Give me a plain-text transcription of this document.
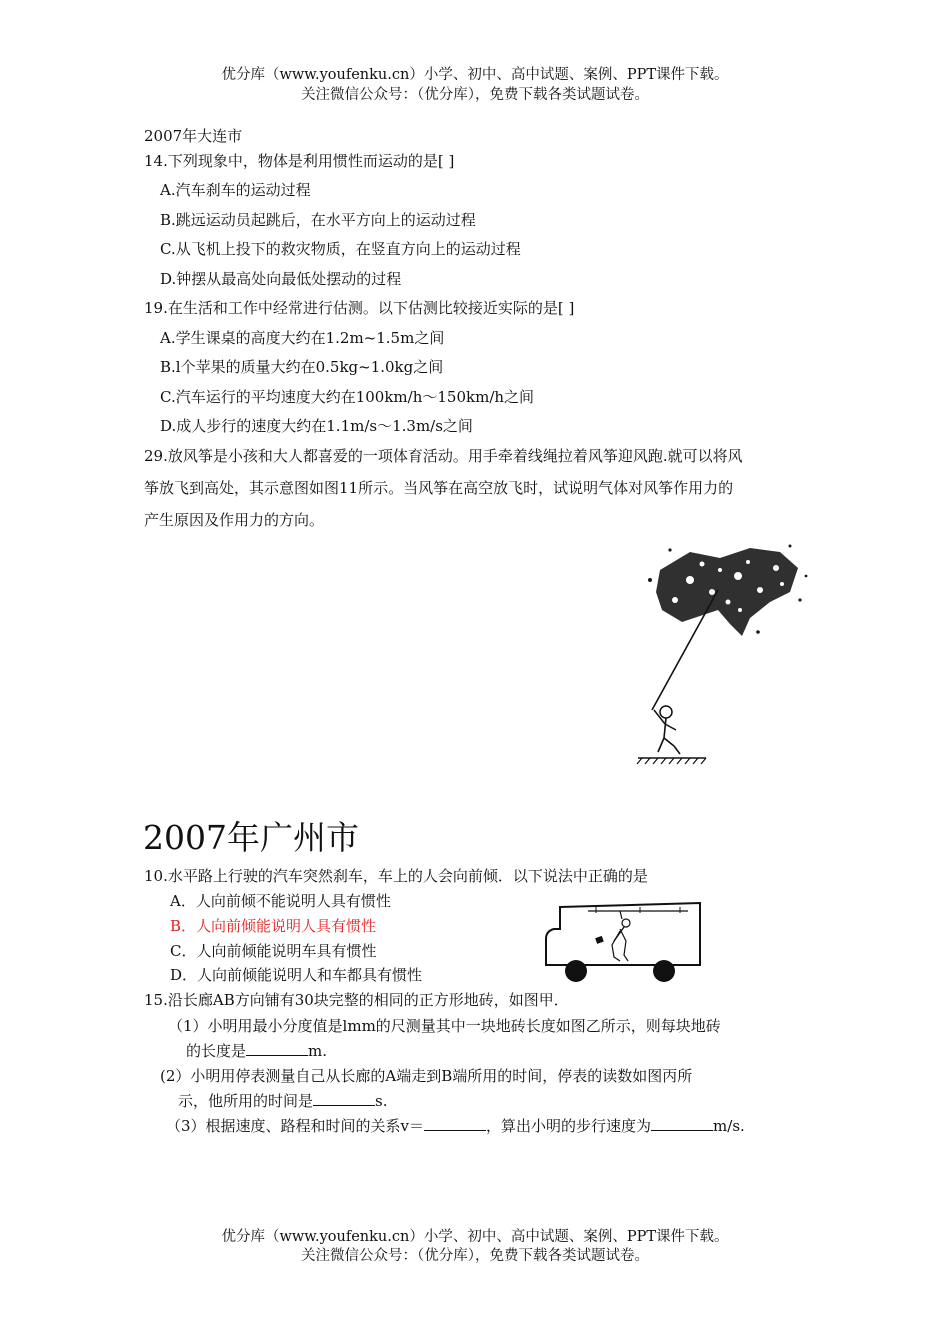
优分库（www.youfenku.cn）小学、初中、高中试题、案例、PPT课件下载。
关注微信公众号：（优分库），免费下载各类试题试卷。
2007年大连市
14.下列现象中，物体是利用惯性而运动的是[ ]
A.汽车刹车的运动过程
B.跳远运动员起跳后，在水平方向上的运动过程
C.从飞机上投下的救灾物质，在竖直方向上的运动过程
D.钟摆从最高处向最低处摆动的过程
19.在生活和工作中经常进行估测。以下估测比较接近实际的是[ ]
A.学生课桌的高度大约在1.2m~1.5m之间
B.l个苹果的质量大约在0.5kg~1.0kg之间
C.汽车运行的平均速度大约在100km/h～150km/h之间
D.成人步行的速度大约在1.1m/s～1.3m/s之间
29.放风筝是小孩和大人都喜爱的一项体育活动。用手牵着线绳拉着风筝迎风跑.就可以将风
筝放飞到高处，其示意图如图11所示。当风筝在高空放飞时，试说明气体对风筝作用力的
产生原因及作用力的方向。
2007年广州市
10.水平路上行驶的汽车突然刹车，车上的人会向前倾．以下说法中正确的是
A．人向前倾不能说明人具有惯性
B．人向前倾能说明人具有惯性
C．人向前倾能说明车具有惯性
D．人向前倾能说明人和车都具有惯性
15.沿长廊AB方向铺有30块完整的相同的正方形地砖，如图甲．
（1）小明用最小分度值是lmm的尺测量其中一块地砖长度如图乙所示，则每块地砖
的长度是	m.
(2）小明用停表测量自己从长廊的A端走到B端所用的时间，停表的读数如图丙所
示，他所用的时间是	s.
（3）根据速度、路程和时间的关系v＝	，算出小明的步行速度为	m/s.
优分库（www.youfenku.cn）小学、初中、高中试题、案例、PPT课件下载。
关注微信公众号：（优分库），免费下载各类试题试卷。
